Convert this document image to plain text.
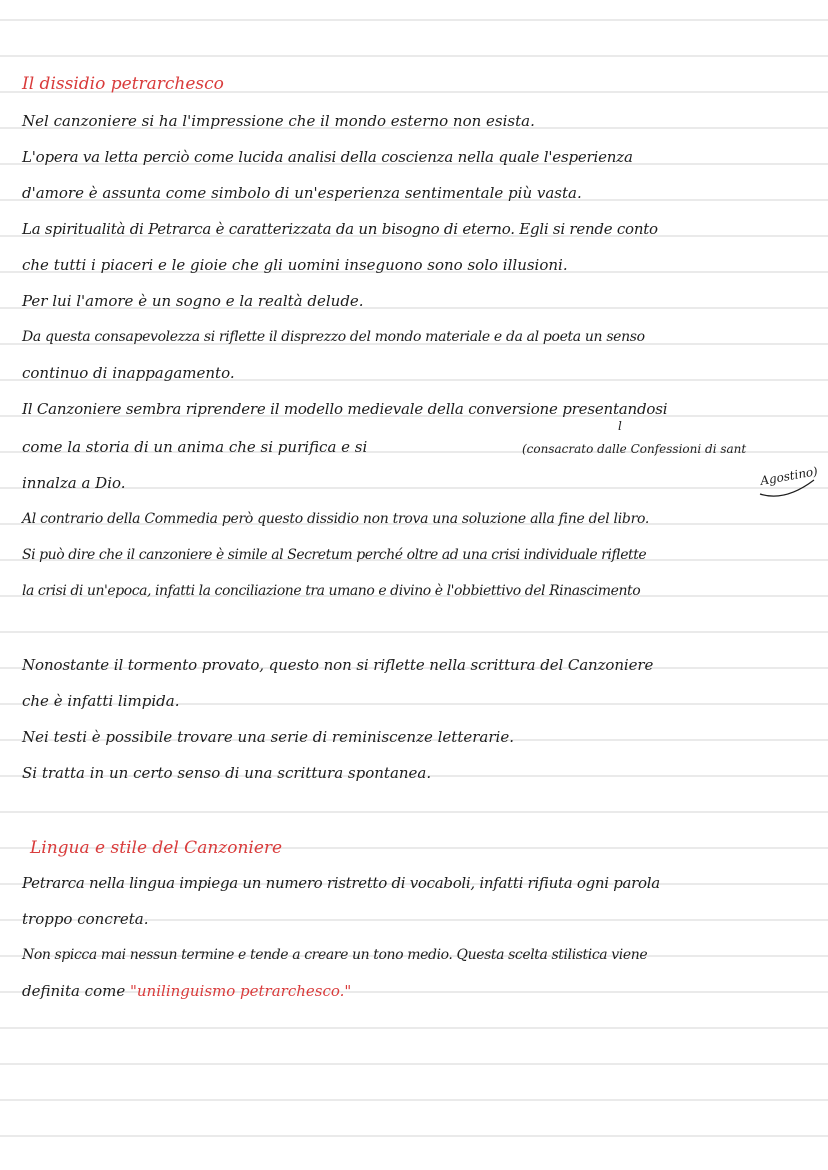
Il dissidio petrarchesco
Nel canzoniere si ha l'impressione che il mondo esterno non esista.
L'opera va letta perciò come lucida analisi della coscienza nella quale l'esperienza
d'amore è assunta come simbolo di un'esperienza sentimentale più vasta.
La spiritualità di Petrarca è caratterizzata da un bisogno di eterno. Egli si rende conto
che tutti i piaceri e le gioie che gli uomini inseguono sono solo illusioni.
Per lui l'amore è un sogno e la realtà delude.
Da questa consapevolezza si riflette il disprezzo del mondo materiale e da al poeta un senso
continuo di inappagamento.
Il Canzoniere sembra riprendere il modello medievale della conversione presentandosi
l
come la storia di un anima che si purifica e si	(consacrato dalle Confessioni di sant
Agostino)
innalza a Dio.
Al contrario della Commedia però questo dissidio non trova una soluzione alla fine del libro.
Si può dire che il canzoniere è simile al Secretum perché oltre ad una crisi individuale riflette
la crisi di un'epoca, infatti la conciliazione tra umano e divino è l'obbiettivo del Rinascimento
Nonostante il tormento provato, questo non si riflette nella scrittura del Canzoniere
che è infatti limpida.
Nei testi è possibile trovare una serie di reminiscenze letterarie.
Si tratta in un certo senso di una scrittura spontanea.
Lingua e stile del Canzoniere
Petrarca nella lingua impiega un numero ristretto di vocaboli, infatti rifiuta ogni parola
troppo concreta.
Non spicca mai nessun termine e tende a creare un tono medio. Questa scelta stilistica viene
definita come "unilinguismo petrarchesco."
